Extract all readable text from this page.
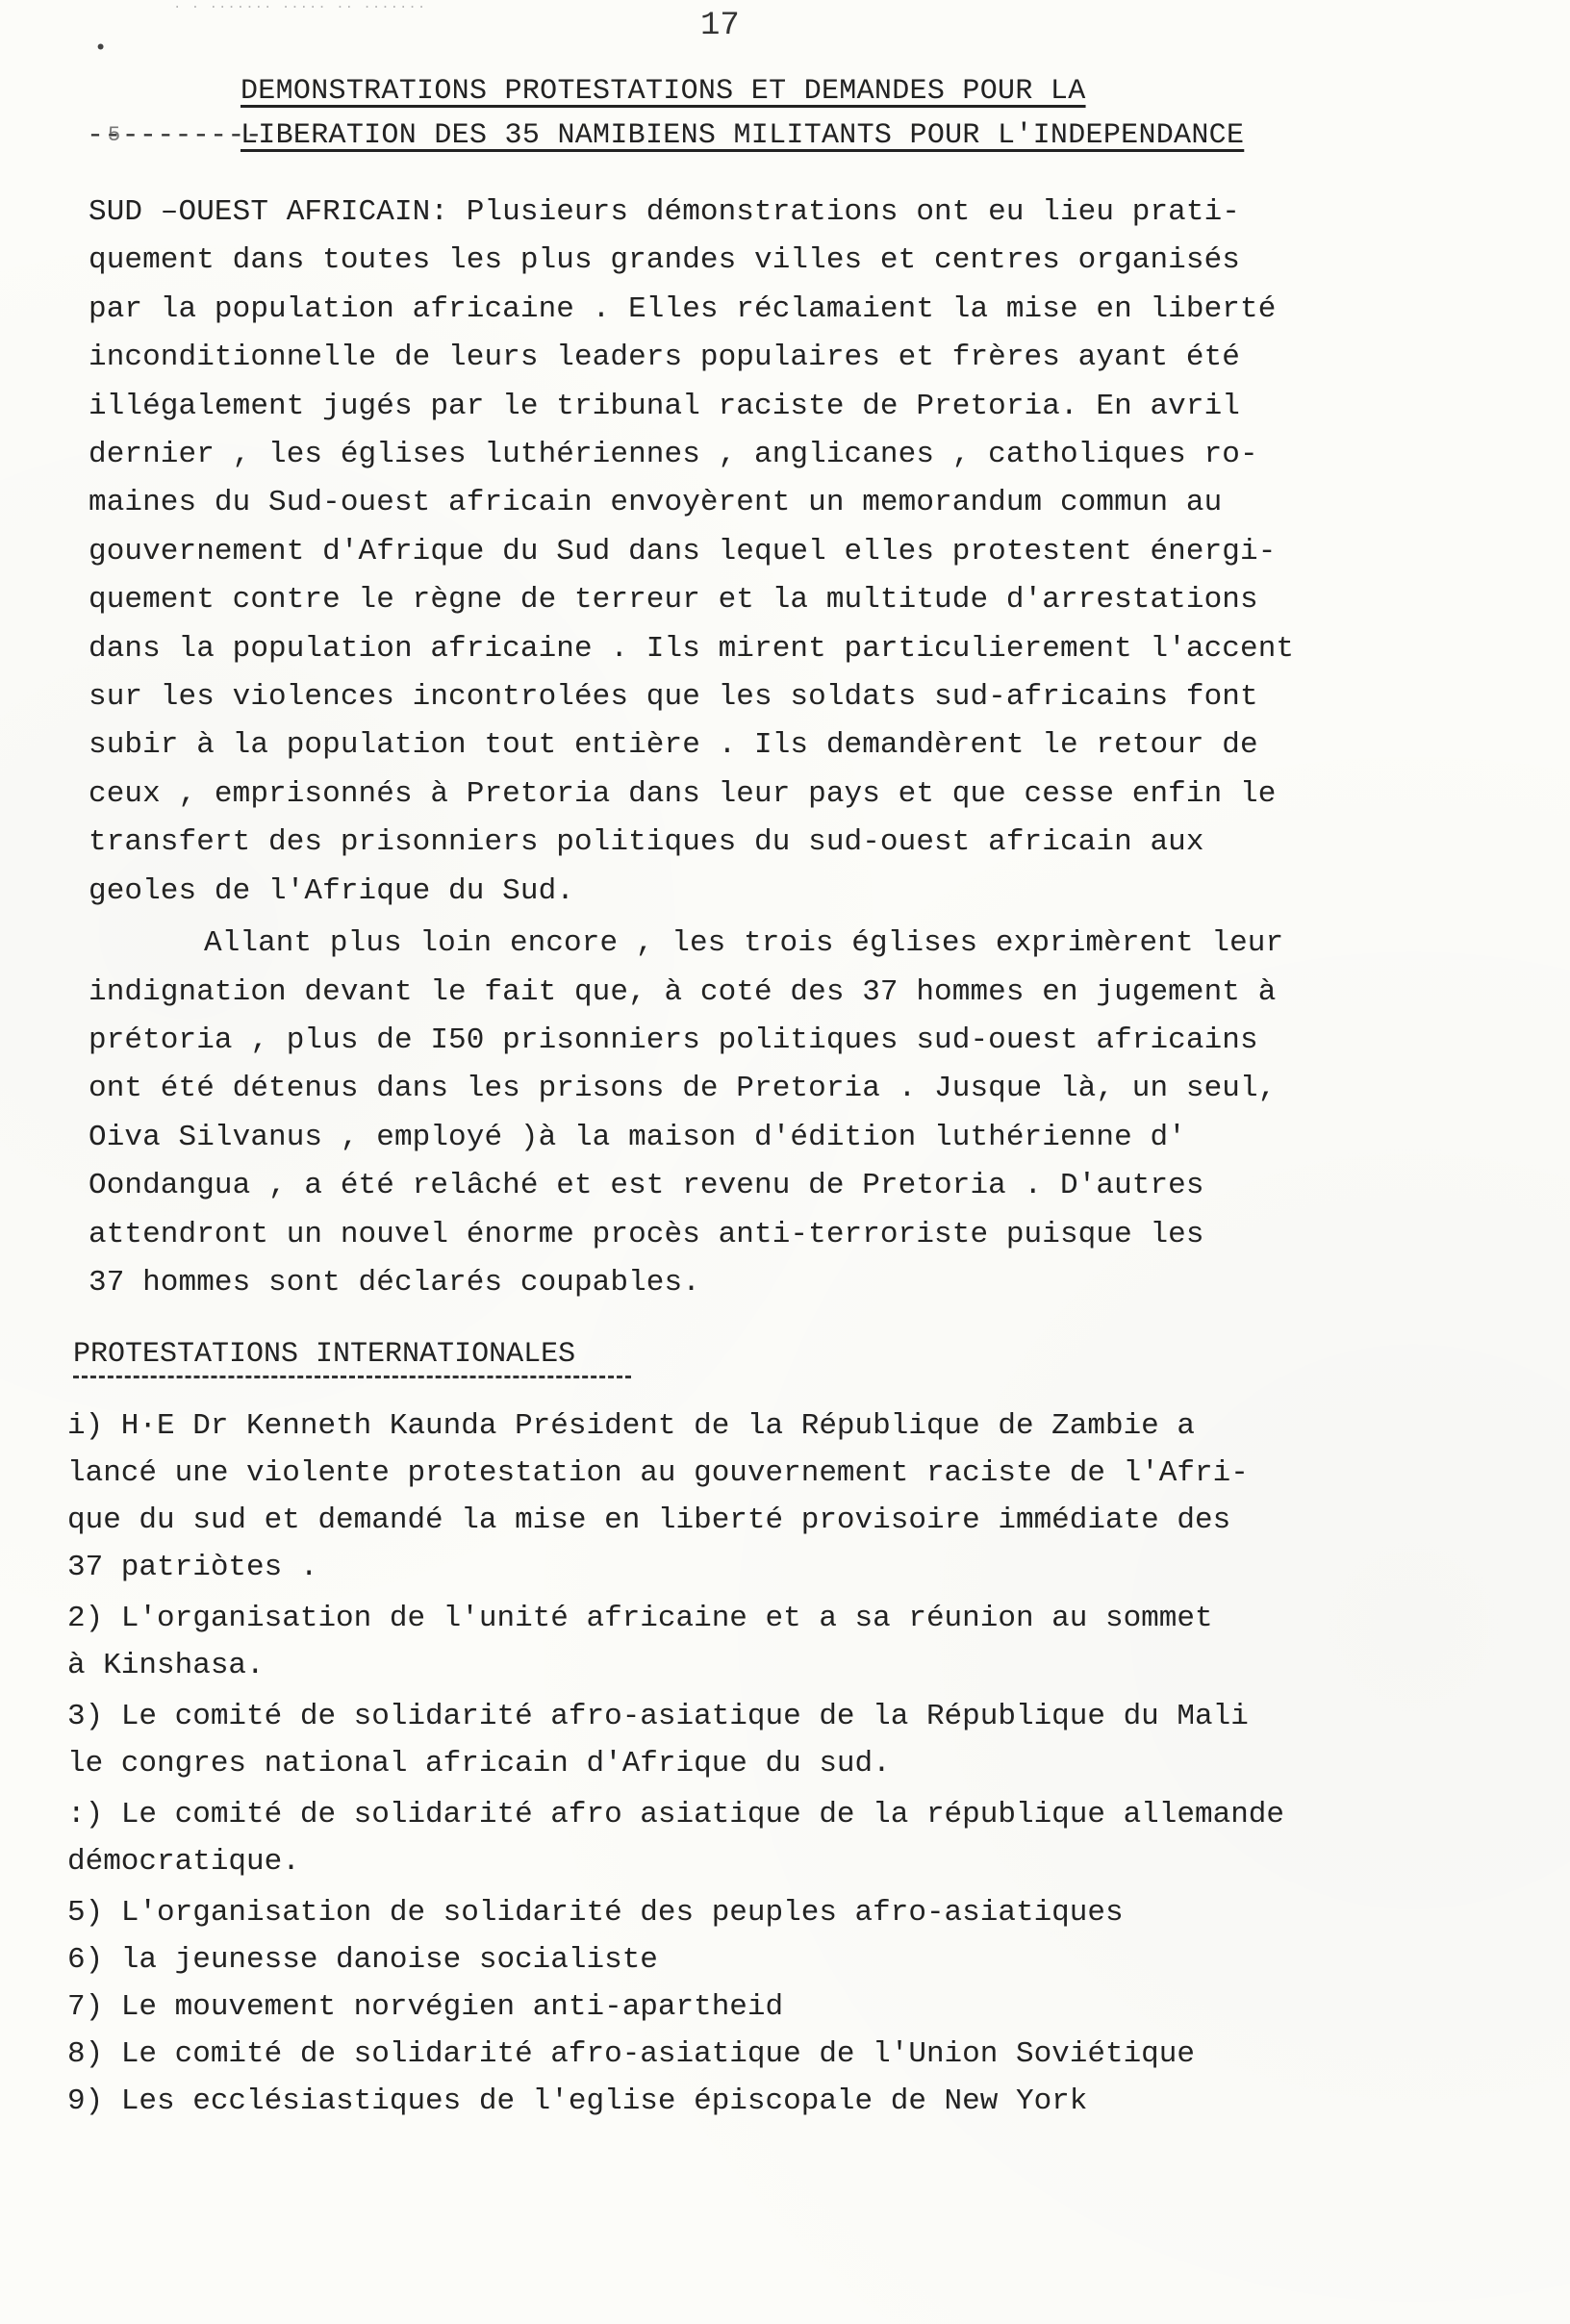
· · ······· ····· ·· ·······	17
•
5
DEMONSTRATIONS PROTESTATIONS ET DEMANDES POUR LA
----- LIBERATION DES 35 NAMIBIENS MILITANTS POUR L'INDEPENDANCE

SUD –OUEST AFRICAIN: Plusieurs démonstrations ont eu lieu prati-
quement dans toutes les plus grandes villes et centres organisés
par la population africaine . Elles réclamaient la mise en liberté
inconditionnelle de leurs leaders populaires et frères ayant été
illégalement jugés par le tribunal raciste de Pretoria. En avril
dernier , les églises luthériennes , anglicanes , catholiques ro-
maines du Sud-ouest africain envoyèrent un memorandum commun au
gouvernement d'Afrique du Sud dans lequel elles protestent énergi-
quement contre le règne de terreur et la multitude d'arrestations
dans la population africaine . Ils mirent particulierement l'accent
sur les violences incontrolées que les soldats sud-africains font
subir à la population tout entière . Ils demandèrent le retour de
ceux , emprisonnés à Pretoria dans leur pays et que cesse enfin le
transfert des prisonniers politiques du sud-ouest africain aux
geoles de l'Afrique du Sud.

Allant plus loin encore , les trois églises exprimèrent leur
indignation devant le fait que, à coté des 37 hommes en jugement à
prétoria , plus de I50 prisonniers politiques sud-ouest africains
ont été détenus dans les prisons de Pretoria . Jusque là, un seul,
Oiva Silvanus , employé )à la maison d'édition luthérienne d'
Oondangua , a été relâché et est revenu de Pretoria . D'autres
attendront un nouvel énorme procès anti-terroriste puisque les
37 hommes sont déclarés coupables.

PROTESTATIONS INTERNATIONALES
i) H·E Dr Kenneth Kaunda Président de la République de Zambie a
lancé une violente protestation au gouvernement raciste de l'Afri-
que du sud et demandé la mise en liberté provisoire immédiate des
37 patriòtes .
2) L'organisation de l'unité africaine et a sa réunion au sommet
à Kinshasa.
3) Le comité de solidarité afro-asiatique de la République du Mali
le congres national africain d'Afrique du sud.
:) Le comité de solidarité afro asiatique de la république allemande
démocratique.
5) L'organisation de solidarité des peuples afro-asiatiques
6) la jeunesse danoise socialiste
7) Le mouvement norvégien anti-apartheid
8) Le comité de solidarité afro-asiatique de l'Union Soviétique
9) Les ecclésiastiques de l'eglise épiscopale de New York
